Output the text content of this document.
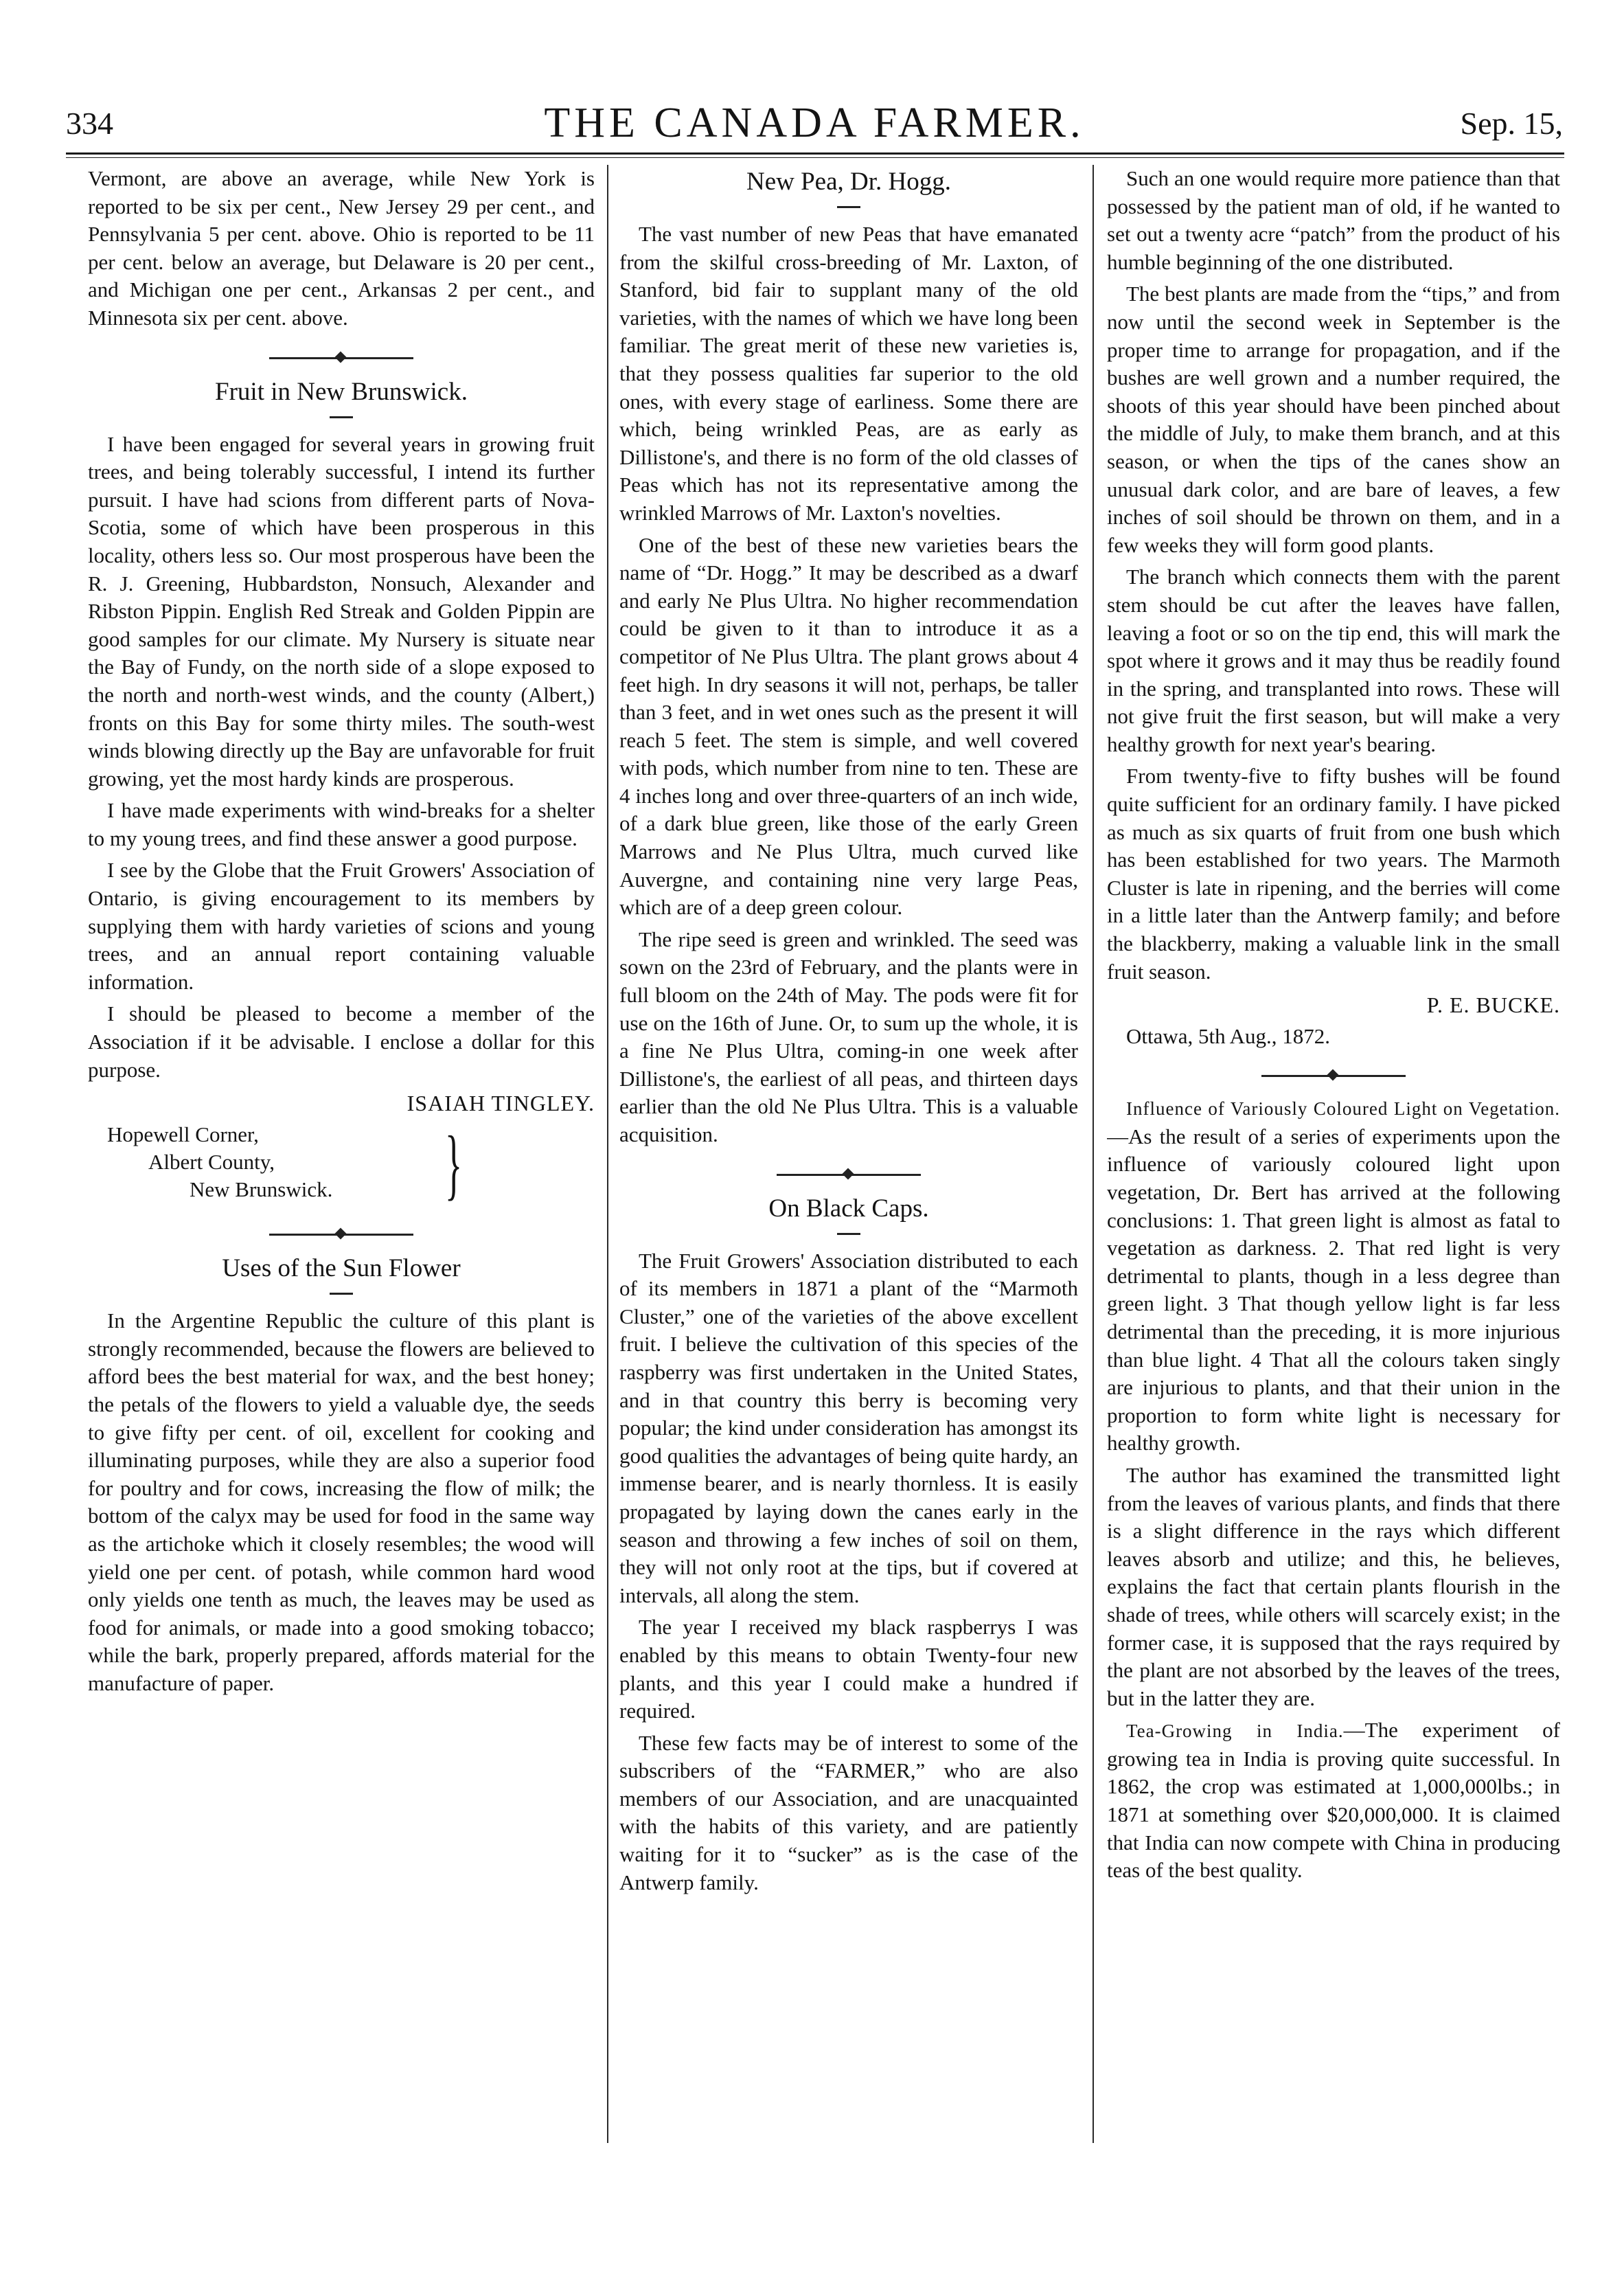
334	THE CANADA FARMER.	Sep. 15,

Vermont, are above an average, while New York is reported to be six per cent., New Jersey 29 per cent., and Pennsylvania 5 per cent. above. Ohio is reported to be 11 per cent. below an average, but Delaware is 20 per cent., and Michigan one per cent., Arkansas 2 per cent., and Minnesota six per cent. above.

Fruit in New Brunswick.

I have been engaged for several years in growing fruit trees, and being tolerably successful, I intend its further pursuit. I have had scions from different parts of Nova-Scotia, some of which have been prosperous in this locality, others less so. Our most prosperous have been the R. J. Greening, Hubbardston, Nonsuch, Alexander and Ribston Pippin. English Red Streak and Golden Pippin are good samples for our climate. My Nursery is situate near the Bay of Fundy, on the north side of a slope exposed to the north and north-west winds, and the county (Albert,) fronts on this Bay for some thirty miles. The south-west winds blowing directly up the Bay are unfavorable for fruit growing, yet the most hardy kinds are prosperous.

I have made experiments with wind-breaks for a shelter to my young trees, and find these answer a good purpose.

I see by the Globe that the Fruit Growers' Association of Ontario, is giving encouragement to its members by supplying them with hardy varieties of scions and young trees, and an annual report containing valuable information.

I should be pleased to become a member of the Association if it be advisable. I enclose a dollar for this purpose.

ISAIAH TINGLEY.
Hopewell Corner,
Albert County,
New Brunswick. }
Uses of the Sun Flower

In the Argentine Republic the culture of this plant is strongly recommended, because the flowers are believed to afford bees the best material for wax, and the best honey; the petals of the flowers to yield a valuable dye, the seeds to give fifty per cent. of oil, excellent for cooking and illuminating purposes, while they are also a superior food for poultry and for cows, increasing the flow of milk; the bottom of the calyx may be used for food in the same way as the artichoke which it closely resembles; the wood will yield one per cent. of potash, while common hard wood only yields one tenth as much, the leaves may be used as food for animals, or made into a good smoking tobacco; while the bark, properly prepared, affords material for the manufacture of paper.

New Pea, Dr. Hogg.

The vast number of new Peas that have emanated from the skilful cross-breeding of Mr. Laxton, of Stanford, bid fair to supplant many of the old varieties, with the names of which we have long been familiar. The great merit of these new varieties is, that they possess qualities far superior to the old ones, with every stage of earliness. Some there are which, being wrinkled Peas, are as early as Dillistone's, and there is no form of the old classes of Peas which has not its representative among the wrinkled Marrows of Mr. Laxton's novelties.

One of the best of these new varieties bears the name of “Dr. Hogg.” It may be described as a dwarf and early Ne Plus Ultra. No higher recommendation could be given to it than to introduce it as a competitor of Ne Plus Ultra. The plant grows about 4 feet high. In dry seasons it will not, perhaps, be taller than 3 feet, and in wet ones such as the present it will reach 5 feet. The stem is simple, and well covered with pods, which number from nine to ten. These are 4 inches long and over three-quarters of an inch wide, of a dark blue green, like those of the early Green Marrows and Ne Plus Ultra, much curved like Auvergne, and containing nine very large Peas, which are of a deep green colour.

The ripe seed is green and wrinkled. The seed was sown on the 23rd of February, and the plants were in full bloom on the 24th of May. The pods were fit for use on the 16th of June. Or, to sum up the whole, it is a fine Ne Plus Ultra, coming-in one week after Dillistone's, the earliest of all peas, and thirteen days earlier than the old Ne Plus Ultra. This is a valuable acquisition.

On Black Caps.

The Fruit Growers' Association distributed to each of its members in 1871 a plant of the “Marmoth Cluster,” one of the varieties of the above excellent fruit. I believe the cultivation of this species of the raspberry was first undertaken in the United States, and in that country this berry is becoming very popular; the kind under consideration has amongst its good qualities the advantages of being quite hardy, an immense bearer, and is nearly thornless. It is easily propagated by laying down the canes early in the season and throwing a few inches of soil on them, they will not only root at the tips, but if covered at intervals, all along the stem.

The year I received my black raspberrys I was enabled by this means to obtain Twenty-four new plants, and this year I could make a hundred if required.

These few facts may be of interest to some of the subscribers of the “FARMER,” who are also members of our Association, and are unacquainted with the habits of this variety, and are patiently waiting for it to “sucker” as is the case of the Antwerp family.

Such an one would require more patience than that possessed by the patient man of old, if he wanted to set out a twenty acre “patch” from the product of his humble beginning of the one distributed.

The best plants are made from the “tips,” and from now until the second week in September is the proper time to arrange for propagation, and if the bushes are well grown and a number required, the shoots of this year should have been pinched about the middle of July, to make them branch, and at this season, or when the tips of the canes show an unusual dark color, and are bare of leaves, a few inches of soil should be thrown on them, and in a few weeks they will form good plants.

The branch which connects them with the parent stem should be cut after the leaves have fallen, leaving a foot or so on the tip end, this will mark the spot where it grows and it may thus be readily found in the spring, and transplanted into rows. These will not give fruit the first season, but will make a very healthy growth for next year's bearing.

From twenty-five to fifty bushes will be found quite sufficient for an ordinary family. I have picked as much as six quarts of fruit from one bush which has been established for two years. The Marmoth Cluster is late in ripening, and the berries will come in a little later than the Antwerp family; and before the blackberry, making a valuable link in the small fruit season.

P. E. BUCKE.
Ottawa, 5th Aug., 1872.

Influence of Variously Coloured Light on Vegetation.—As the result of a series of experiments upon the influence of variously coloured light upon vegetation, Dr. Bert has arrived at the following conclusions: 1. That green light is almost as fatal to vegetation as darkness. 2. That red light is very detrimental to plants, though in a less degree than green light. 3 That though yellow light is far less detrimental than the preceding, it is more injurious than blue light. 4 That all the colours taken singly are injurious to plants, and that their union in the proportion to form white light is necessary for healthy growth.

The author has examined the transmitted light from the leaves of various plants, and finds that there is a slight difference in the rays which different leaves absorb and utilize; and this, he believes, explains the fact that certain plants flourish in the shade of trees, while others will scarcely exist; in the former case, it is supposed that the rays required by the plant are not absorbed by the leaves of the trees, but in the latter they are.

Tea-Growing in India.—The experiment of growing tea in India is proving quite successful. In 1862, the crop was estimated at 1,000,000lbs.; in 1871 at something over $20,000,000. It is claimed that India can now compete with China in producing teas of the best quality.
